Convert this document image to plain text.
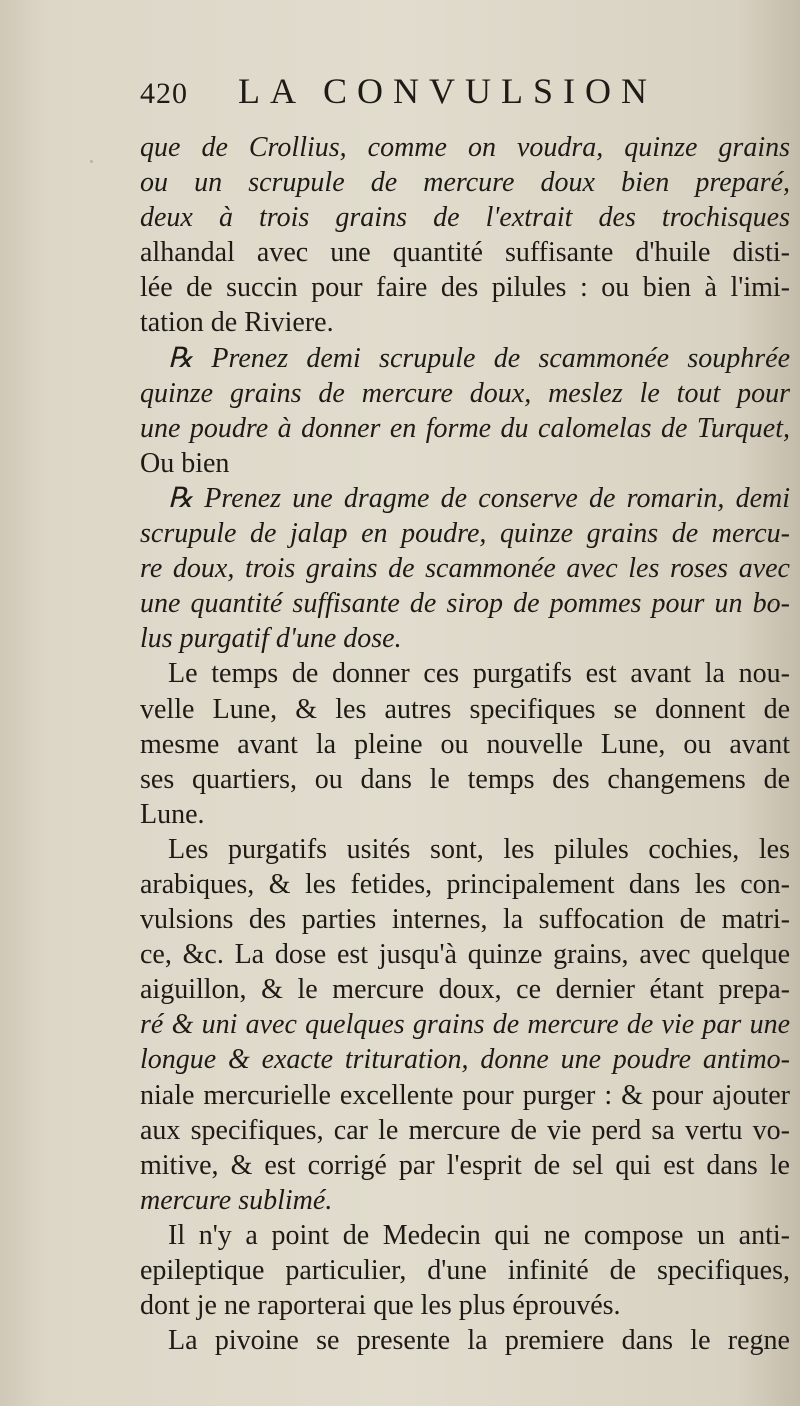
420 LA CONVULSION
que de Crollius, comme on voudra, quinze grains
ou un scrupule de mercure doux bien preparé,
deux à trois grains de l'extrait des trochisques
alhandal avec une quantité suffisante d'huile disti-
lée de succin pour faire des pilules : ou bien à l'imi-
tation de Riviere.
℞ Prenez demi scrupule de scammonée souphrée
quinze grains de mercure doux, meslez le tout pour
une poudre à donner en forme du calomelas de Turquet,
Ou bien
℞ Prenez une dragme de conserve de romarin, demi
scrupule de jalap en poudre, quinze grains de mercu-
re doux, trois grains de scammonée avec les roses avec
une quantité suffisante de sirop de pommes pour un bo-
lus purgatif d'une dose.
Le temps de donner ces purgatifs est avant la nou-
velle Lune, & les autres specifiques se donnent de
mesme avant la pleine ou nouvelle Lune, ou avant
ses quartiers, ou dans le temps des changemens de
Lune.
Les purgatifs usités sont, les pilules cochies, les
arabiques, & les fetides, principalement dans les con-
vulsions des parties internes, la suffocation de matri-
ce, &c. La dose est jusqu'à quinze grains, avec quelque
aiguillon, & le mercure doux, ce dernier étant prepa-
ré & uni avec quelques grains de mercure de vie par une
longue & exacte trituration, donne une poudre antimo-
niale mercurielle excellente pour purger : & pour ajouter
aux specifiques, car le mercure de vie perd sa vertu vo-
mitive, & est corrigé par l'esprit de sel qui est dans le
mercure sublimé.
Il n'y a point de Medecin qui ne compose un anti-
epileptique particulier, d'une infinité de specifiques,
dont je ne raporterai que les plus éprouvés.
La pivoine se presente la premiere dans le regne
